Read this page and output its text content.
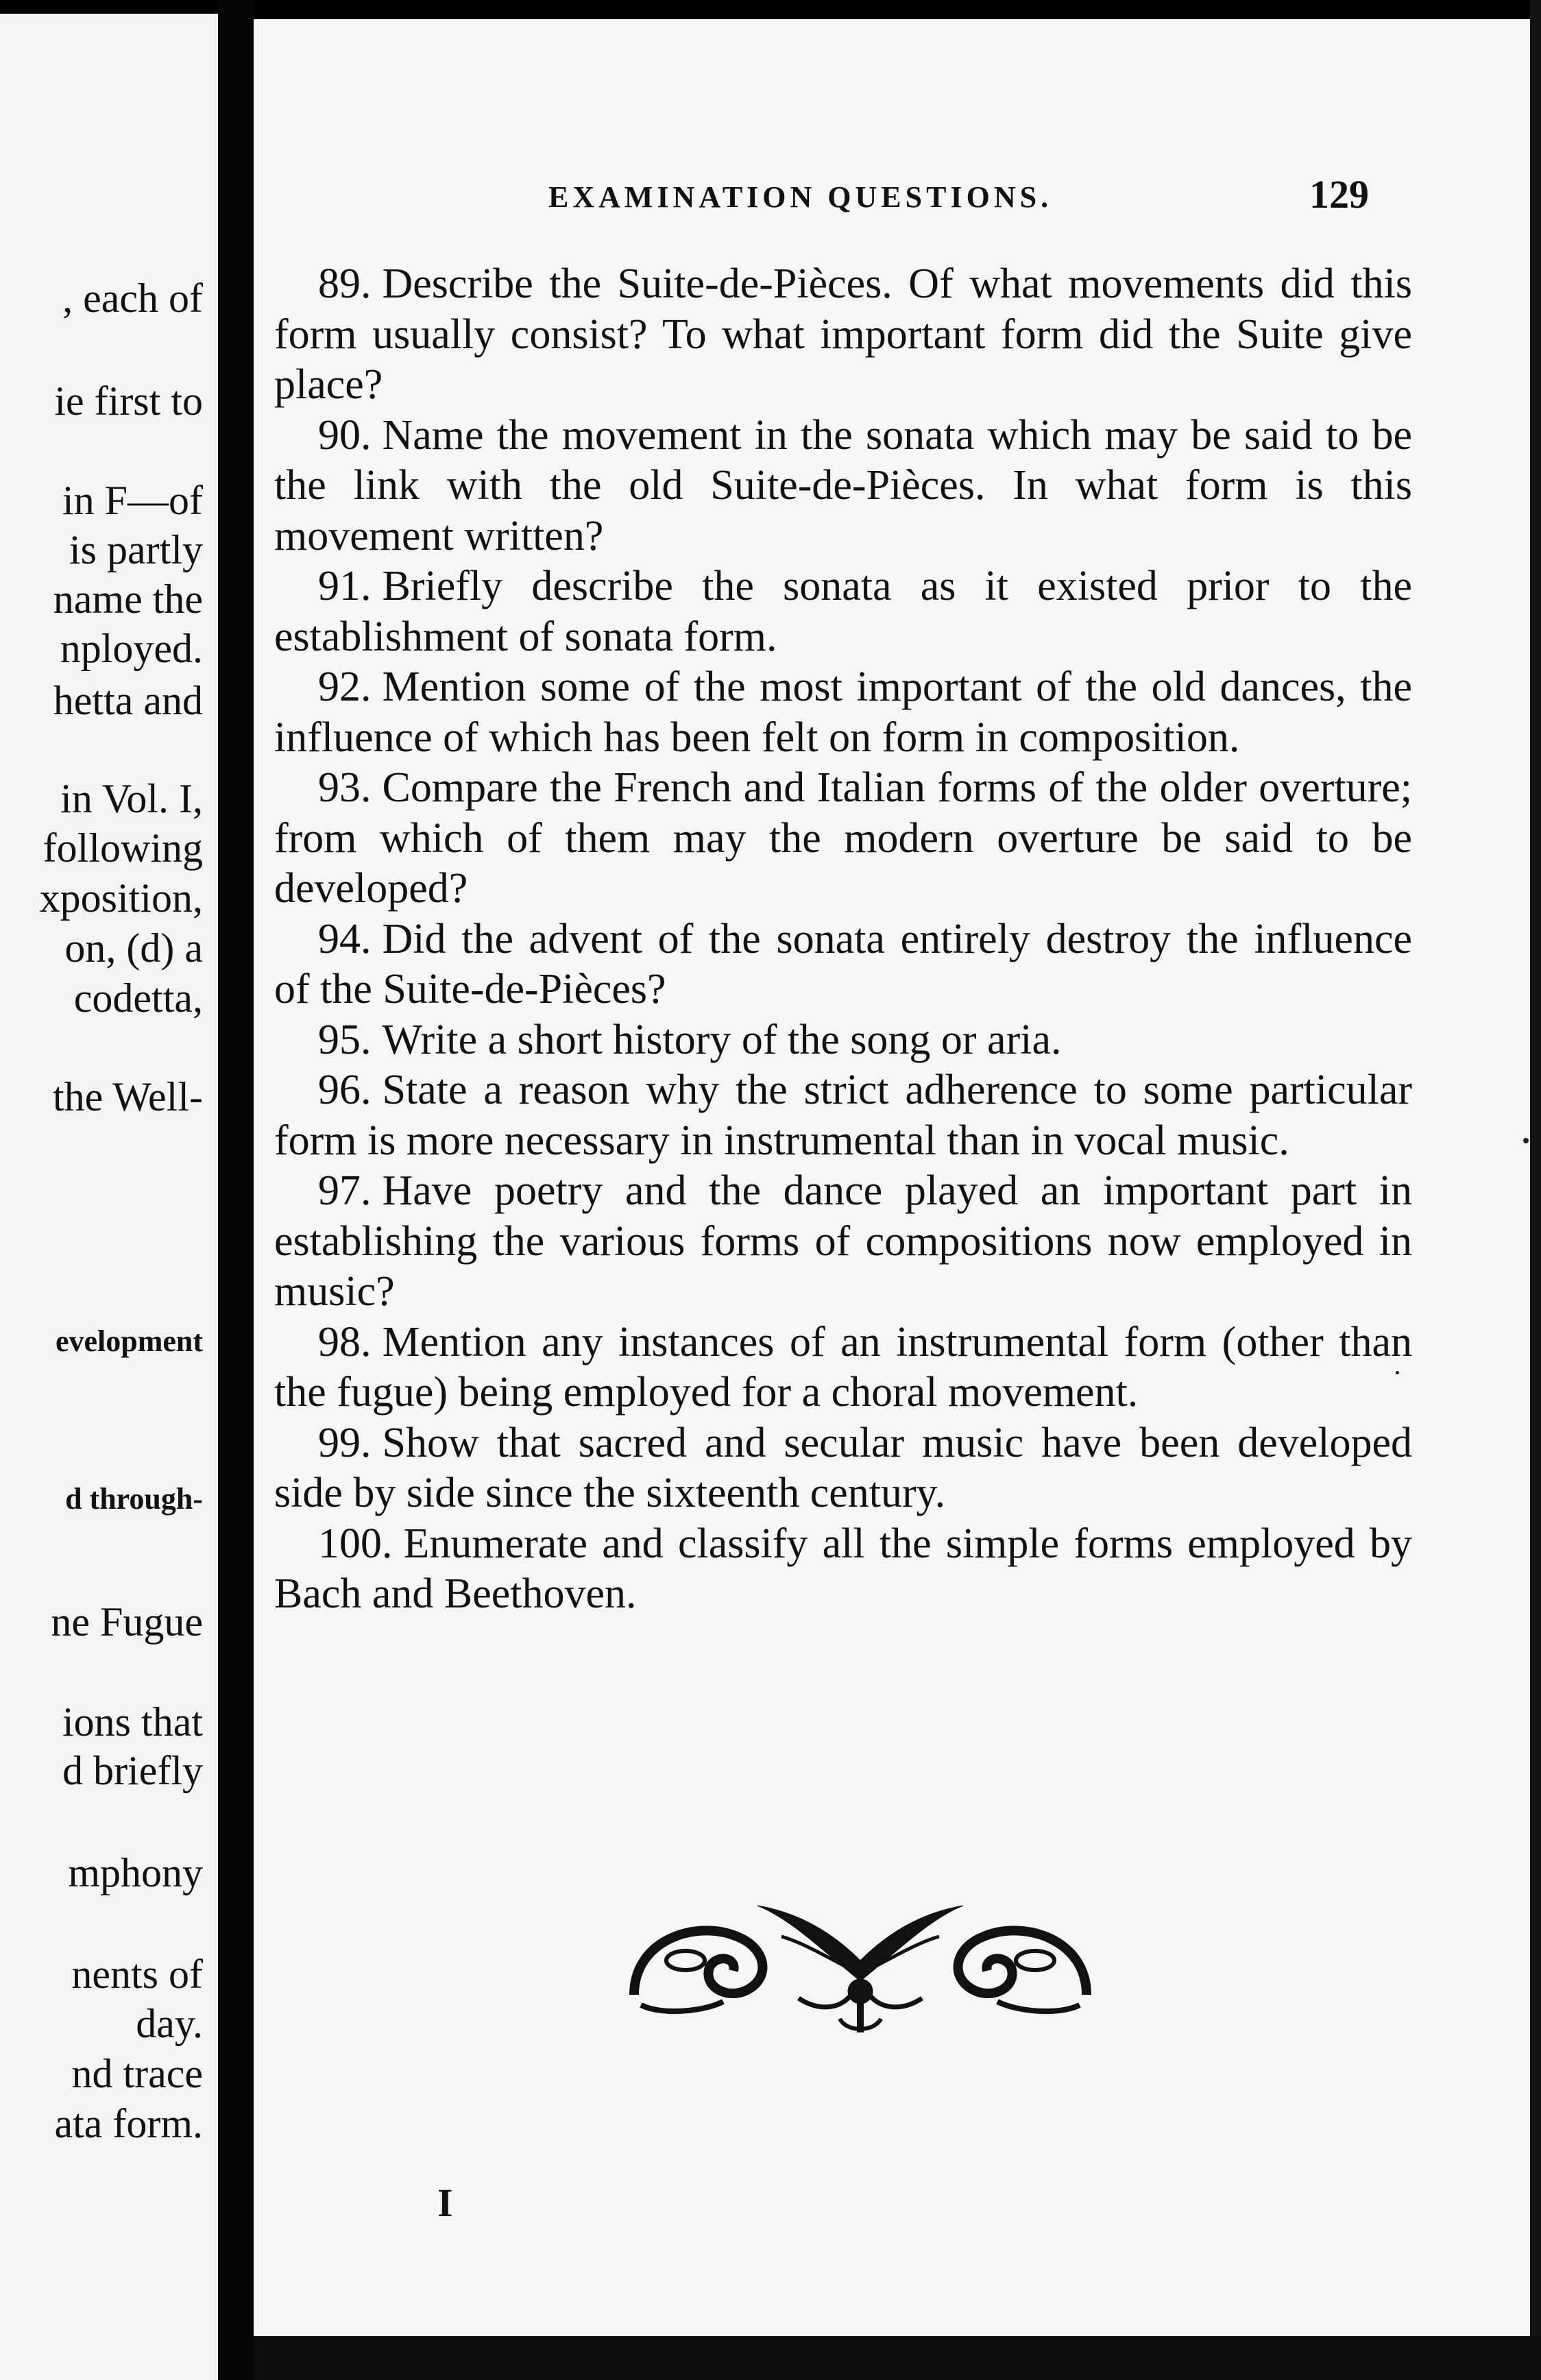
, each of
ie first to
in F—of
is partly
name the
nployed.
hetta and
in Vol. I,
following
xposition,
on, (d) a
codetta,
the Well-
evelopment
d through-
ne Fugue
ions that
d briefly
mphony
nents of
day.
nd trace
ata form.
EXAMINATION QUESTIONS.	129

89. Describe the Suite-de-Pièces. Of what movements did this form usually consist? To what important form did the Suite give place?

90. Name the movement in the sonata which may be said to be the link with the old Suite-de-Pièces. In what form is this movement written?

91. Briefly describe the sonata as it existed prior to the establishment of sonata form.

92. Mention some of the most important of the old dances, the influence of which has been felt on form in composition.

93. Compare the French and Italian forms of the older overture; from which of them may the modern overture be said to be developed?

94. Did the advent of the sonata entirely destroy the influence of the Suite-de-Pièces?

95. Write a short history of the song or aria.

96. State a reason why the strict adherence to some particular form is more necessary in instrumental than in vocal music.

97. Have poetry and the dance played an important part in establishing the various forms of compositions now employed in music?

98. Mention any instances of an instrumental form (other than the fugue) being employed for a choral movement.

99. Show that sacred and secular music have been developed side by side since the sixteenth century.

100. Enumerate and classify all the simple forms employed by Bach and Beethoven.

I
